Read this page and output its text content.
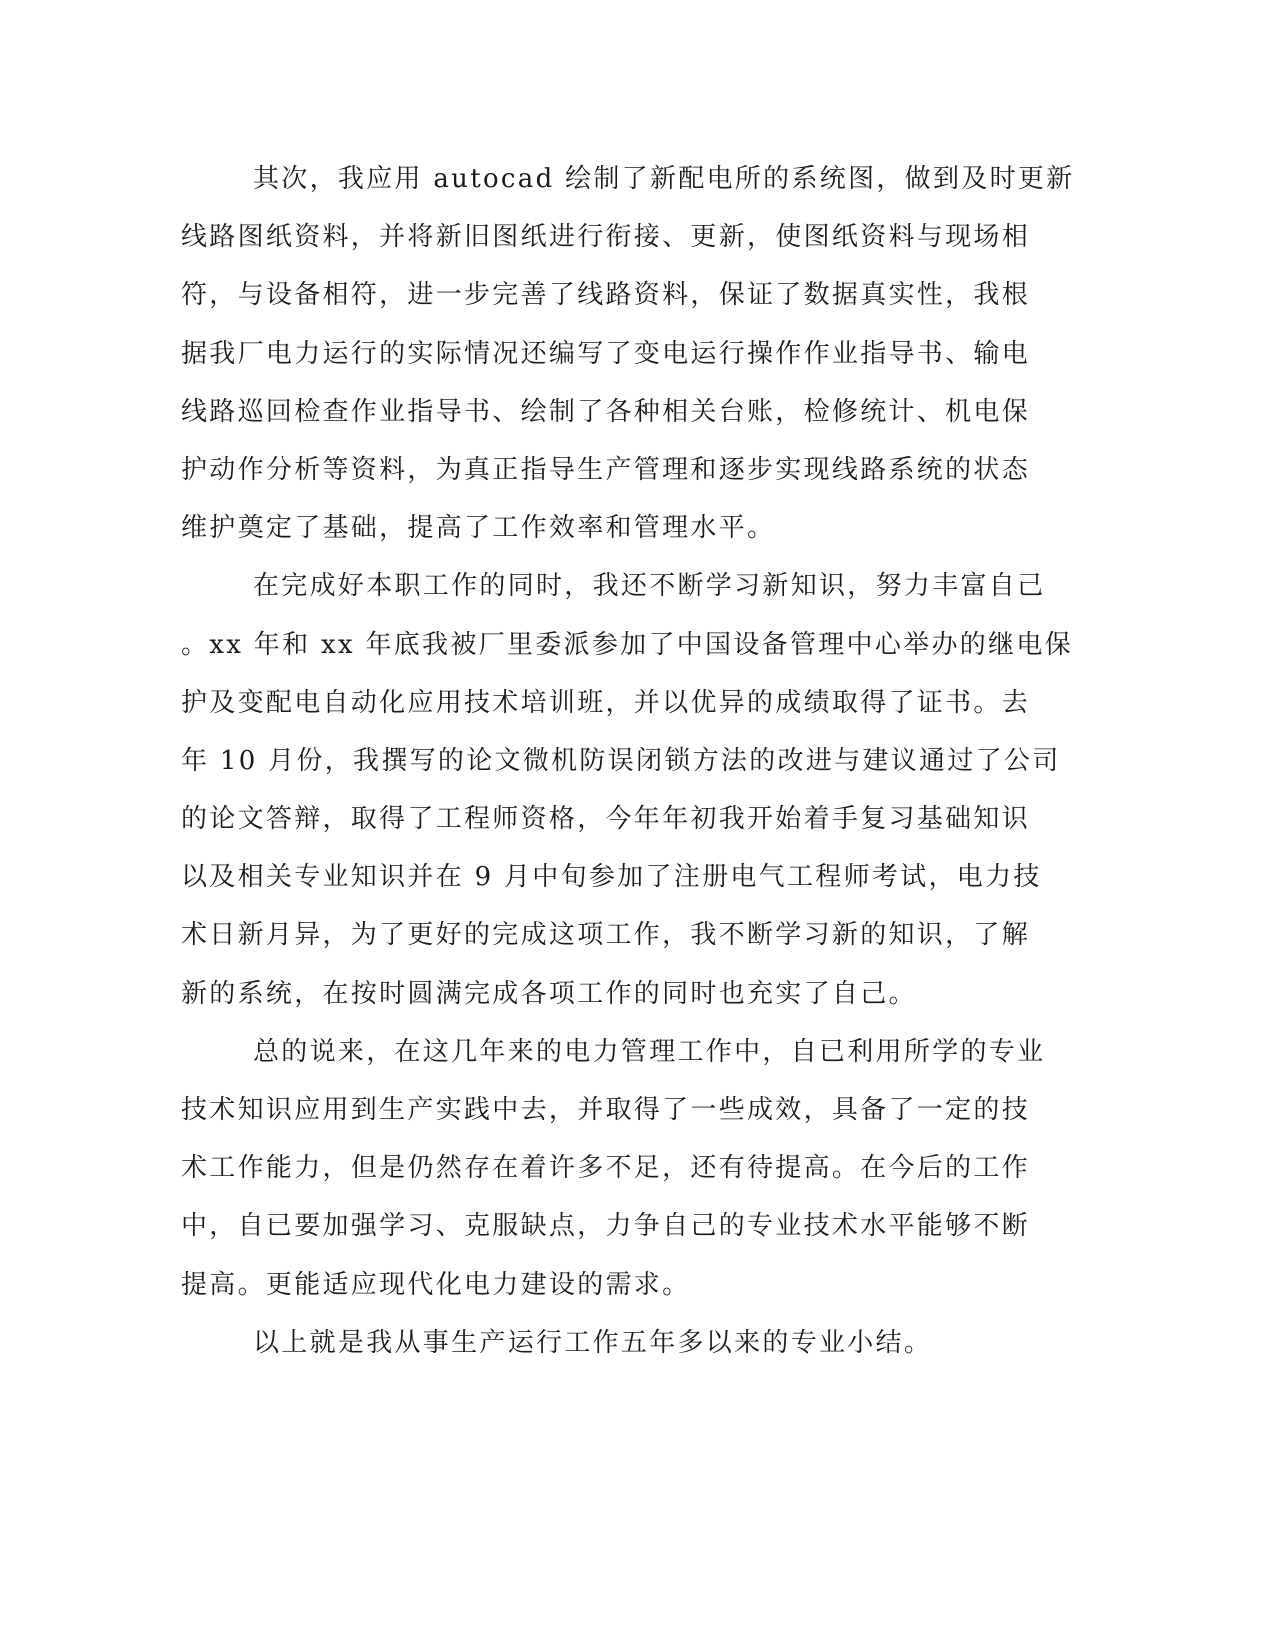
其次，我应用 autocad 绘制了新配电所的系统图，做到及时更新
线路图纸资料，并将新旧图纸进行衔接、更新，使图纸资料与现场相
符，与设备相符，进一步完善了线路资料，保证了数据真实性，我根
据我厂电力运行的实际情况还编写了变电运行操作作业指导书、输电
线路巡回检查作业指导书、绘制了各种相关台账，检修统计、机电保
护动作分析等资料，为真正指导生产管理和逐步实现线路系统的状态
维护奠定了基础，提高了工作效率和管理水平。
在完成好本职工作的同时，我还不断学习新知识，努力丰富自己
。xx 年和 xx 年底我被厂里委派参加了中国设备管理中心举办的继电保
护及变配电自动化应用技术培训班，并以优异的成绩取得了证书。去
年 10 月份，我撰写的论文微机防误闭锁方法的改进与建议通过了公司
的论文答辩，取得了工程师资格，今年年初我开始着手复习基础知识
以及相关专业知识并在 9 月中旬参加了注册电气工程师考试，电力技
术日新月异，为了更好的完成这项工作，我不断学习新的知识，了解
新的系统，在按时圆满完成各项工作的同时也充实了自己。
总的说来，在这几年来的电力管理工作中，自已利用所学的专业
技术知识应用到生产实践中去，并取得了一些成效，具备了一定的技
术工作能力，但是仍然存在着许多不足，还有待提高。在今后的工作
中，自已要加强学习、克服缺点，力争自己的专业技术水平能够不断
提高。更能适应现代化电力建设的需求。
以上就是我从事生产运行工作五年多以来的专业小结。
